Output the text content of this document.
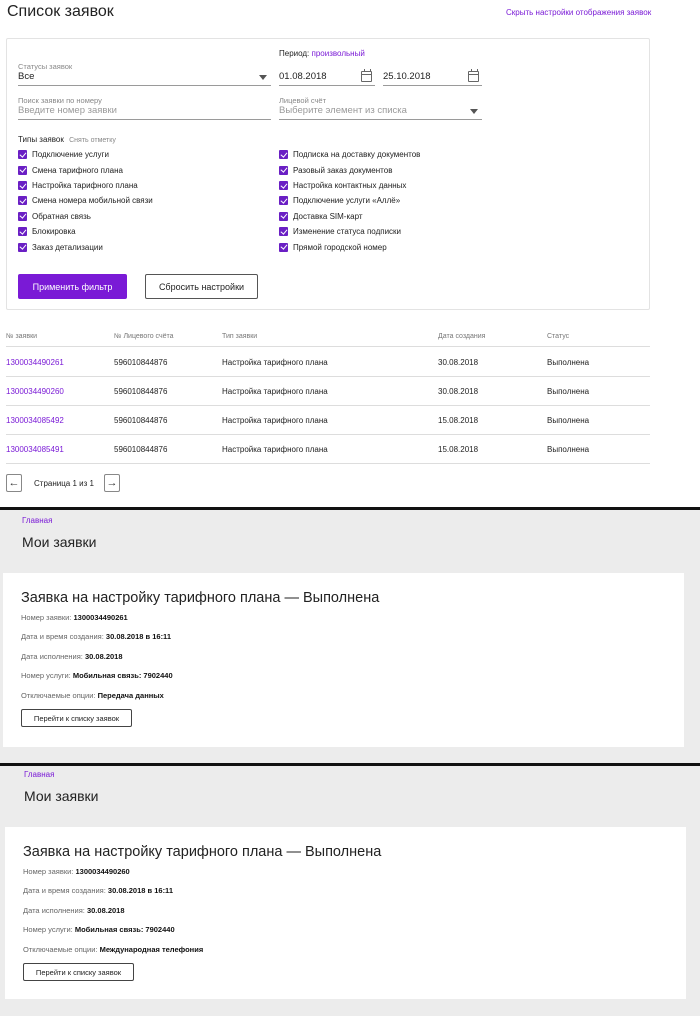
Список заявок	Скрыть настройки отображения заявок
Период: произвольный
Статусы заявок
Все	01.08.2018	25.10.2018
Поиск заявки по номеру
Введите номер заявки
Лицевой счёт
Выберите элемент из списка
Типы заявок Снять отметку
Подключение услуги
Смена тарифного плана
Настройка тарифного плана
Смена номера мобильной связи
Обратная связь
Блокировка
Заказ детализации
Подписка на доставку документов
Разовый заказ документов
Настройка контактных данных
Подключение услуги «Аллё»
Доставка SIM-карт
Изменение статуса подписки
Прямой городской номер
Применить фильтр	Сбросить настройки
№ заявки	№ Лицевого счёта	Тип заявки	Дата создания	Статус
1300034490261	596010844876	Настройка тарифного плана	30.08.2018	Выполнена
1300034490260	596010844876	Настройка тарифного плана	30.08.2018	Выполнена
1300034085492	596010844876	Настройка тарифного плана	15.08.2018	Выполнена
1300034085491	596010844876	Настройка тарифного плана	15.08.2018	Выполнена
←	Страница 1 из 1 →
Главная
Мои заявки
Заявка на настройку тарифного плана — Выполнена
Номер заявки: 1300034490261
Дата и время создания: 30.08.2018 в 16:11
Дата исполнения: 30.08.2018
Номер услуги: Мобильная связь: 7902440
Отключаемые опции: Передача данных
Перейти к списку заявок
Главная
Мои заявки
Заявка на настройку тарифного плана — Выполнена
Номер заявки: 1300034490260
Дата и время создания: 30.08.2018 в 16:11
Дата исполнения: 30.08.2018
Номер услуги: Мобильная связь: 7902440
Отключаемые опции: Международная телефония
Перейти к списку заявок
